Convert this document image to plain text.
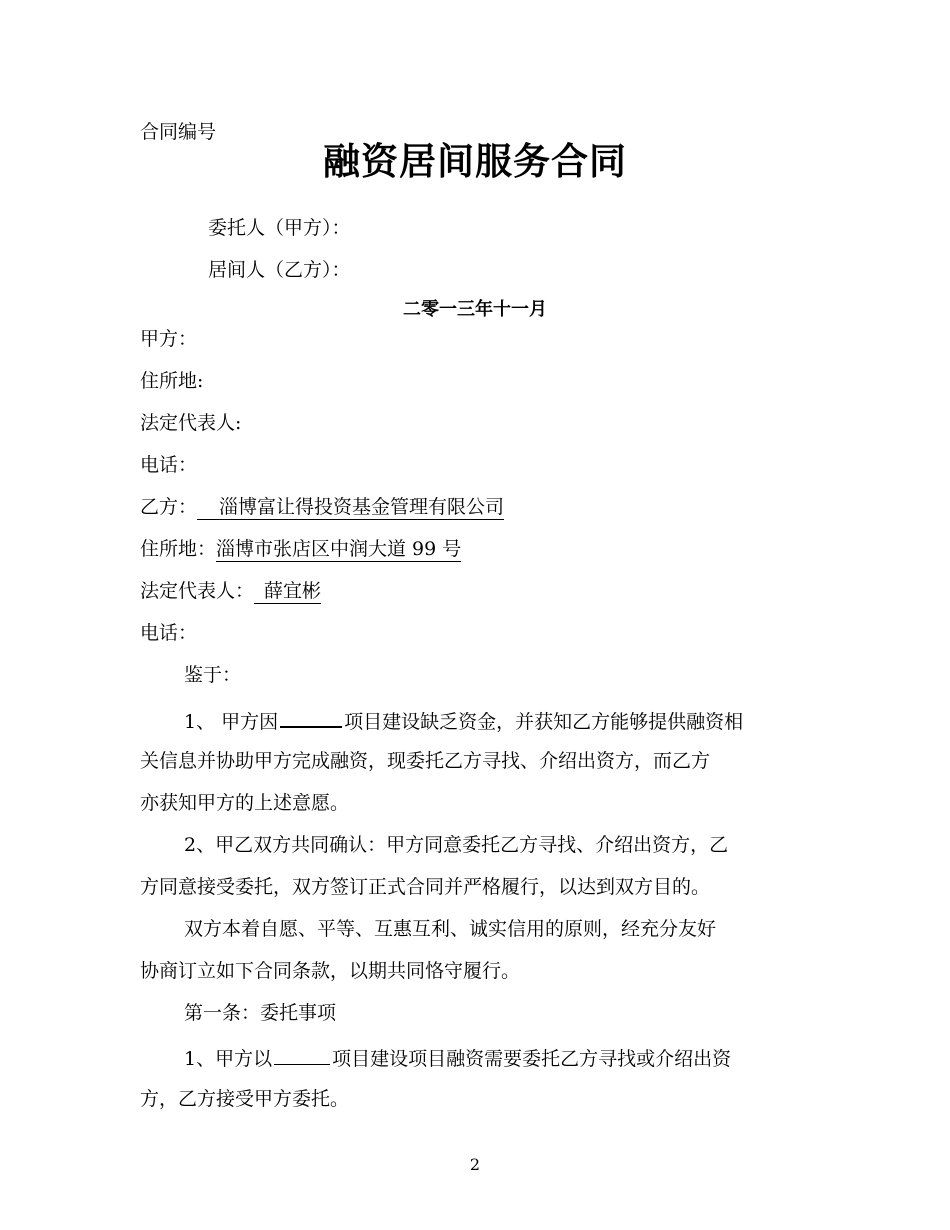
合同编号
融资居间服务合同
委托人（甲方）：
居间人（乙方）：
二零一三年十一月
甲方：
住所地:
法定代表人:
电话：
乙方： 淄博富让得投资基金管理有限公司
住所地：淄博市张店区中润大道 99 号
法定代表人： 薛宜彬
电话：
鉴于：
1、 甲方因	项目建设缺乏资金，并获知乙方能够提供融资相
关信息并协助甲方完成融资，现委托乙方寻找、介绍出资方，而乙方
亦获知甲方的上述意愿。
2、甲乙双方共同确认：甲方同意委托乙方寻找、介绍出资方，乙
方同意接受委托，双方签订正式合同并严格履行，以达到双方目的。
双方本着自愿、平等、互惠互利、诚实信用的原则，经充分友好
协商订立如下合同条款，以期共同恪守履行。
第一条：委托事项
1、甲方以	项目建设项目融资需要委托乙方寻找或介绍出资
方，乙方接受甲方委托。
2
